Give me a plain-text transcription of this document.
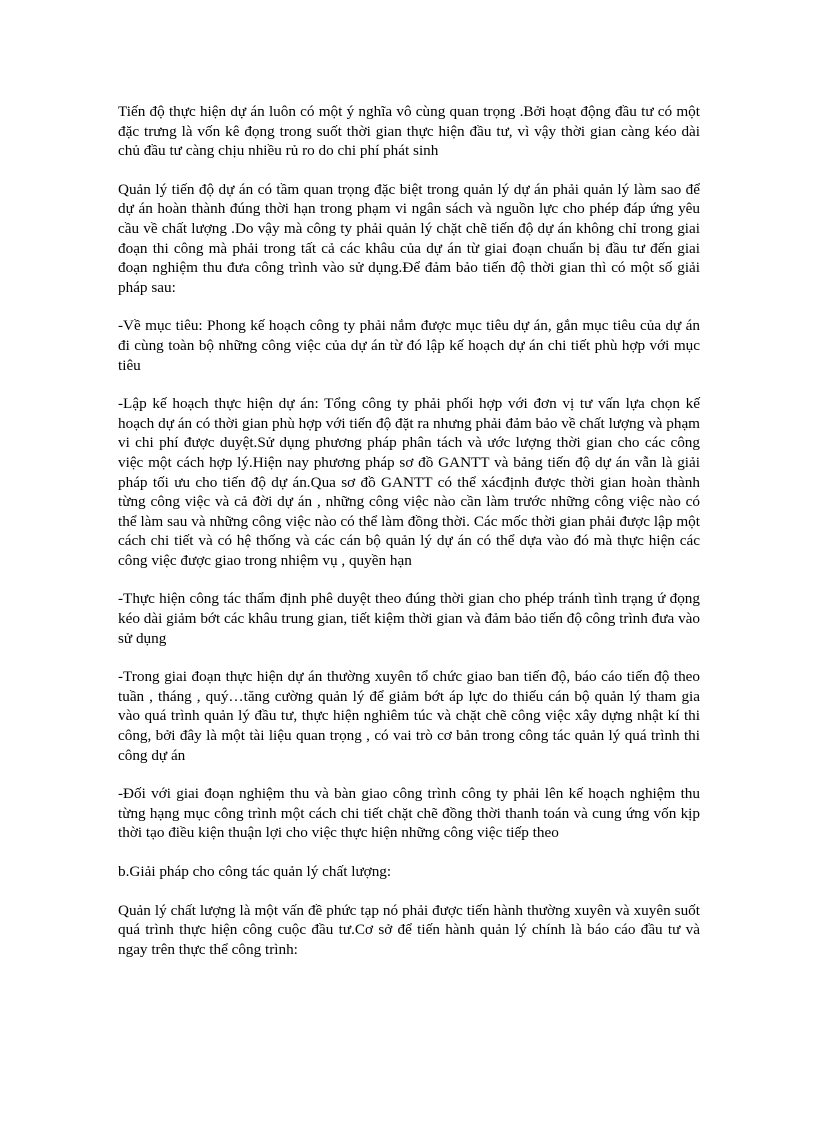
Tiến độ thực hiện dự án luôn có một ý nghĩa vô cùng quan trọng .Bởi hoạt động đầu tư có một đặc trưng là vốn kê đọng trong suốt thời gian thực hiện đầu tư, vì vậy thời gian càng kéo dài chủ đầu tư càng chịu nhiều rủ ro do chi phí phát sinh

Quản lý tiến độ dự án có tầm quan trọng đặc biệt trong quản lý dự án phải quản lý làm sao để dự án hoàn thành đúng thời hạn trong phạm vi ngân sách và nguồn lực cho phép đáp ứng yêu cầu về chất lượng .Do vậy mà công ty phải quản lý chặt chẽ tiến độ dự án không chỉ trong giai đoạn thi công mà phải trong tất cả các khâu của dự án từ giai đoạn chuẩn bị đầu tư đến giai đoạn nghiệm thu đưa công trình vào sử dụng.Để đảm bảo tiến độ thời gian thì có một số giải pháp sau:

-Về mục tiêu: Phong kế hoạch công ty phải nắm được mục tiêu dự án, gắn mục tiêu của dự án đi cùng toàn bộ những công việc của dự án từ đó lập kế hoạch dự án chi tiết phù hợp với mục tiêu

-Lập kế hoạch thực hiện dự án: Tổng công ty phải phối hợp với đơn vị tư vấn lựa chọn kế hoạch dự án có thời gian phù hợp với tiến độ đặt ra nhưng phải đảm bảo về chất lượng và phạm vi chi phí được duyệt.Sử dụng phương pháp phân tách và ước lượng thời gian cho các công việc một cách hợp lý.Hiện nay phương pháp sơ đồ GANTT và bảng tiến độ dự án vẫn là giải pháp tối ưu cho tiến độ dự án.Qua sơ đồ GANTT có thể xácđịnh được thời gian hoàn thành từng công việc và cả đời dự án , những công việc nào cần làm trước những công việc nào có thể làm sau và những công việc nào có thể làm đồng thời. Các mốc thời gian phải được lập một cách chi tiết và có hệ thống và các cán bộ quản lý dự án có thể dựa vào đó mà thực hiện các công việc được giao trong nhiệm vụ , quyền hạn

-Thực hiện công tác thẩm định phê duyệt theo đúng thời gian cho phép tránh tình trạng ứ đọng kéo dài giảm bớt các khâu trung gian, tiết kiệm thời gian và đảm bảo tiến độ công trình đưa vào sử dụng

-Trong giai đoạn thực hiện dự án thường xuyên tổ chức giao ban tiến độ, báo cáo tiến độ theo tuần , tháng , quý…tăng cường quản lý để giảm bớt áp lực do thiếu cán bộ quản lý tham gia vào quá trình quản lý đầu tư, thực hiện nghiêm túc và chặt chẽ công việc xây dựng nhật kí thi công, bởi đây là một tài liệu quan trọng , có vai trò cơ bản trong công tác quản lý quá trình thi công dự án

-Đối với giai đoạn nghiệm thu và bàn giao công trình công ty phải lên kế hoạch nghiệm thu từng hạng mục công trình một cách chi tiết chặt chẽ đồng thời thanh toán và cung ứng vốn kịp thời tạo điều kiện thuận lợi cho việc thực hiện những công việc tiếp theo

b.Giải pháp cho công tác quản lý chất lượng:

Quản lý chất lượng là một vấn đề phức tạp nó phải được tiến hành thường xuyên và xuyên suốt quá trình thực hiện công cuộc đầu tư.Cơ sở để tiến hành quản lý chính là báo cáo đầu tư và ngay trên thực thể công trình:
